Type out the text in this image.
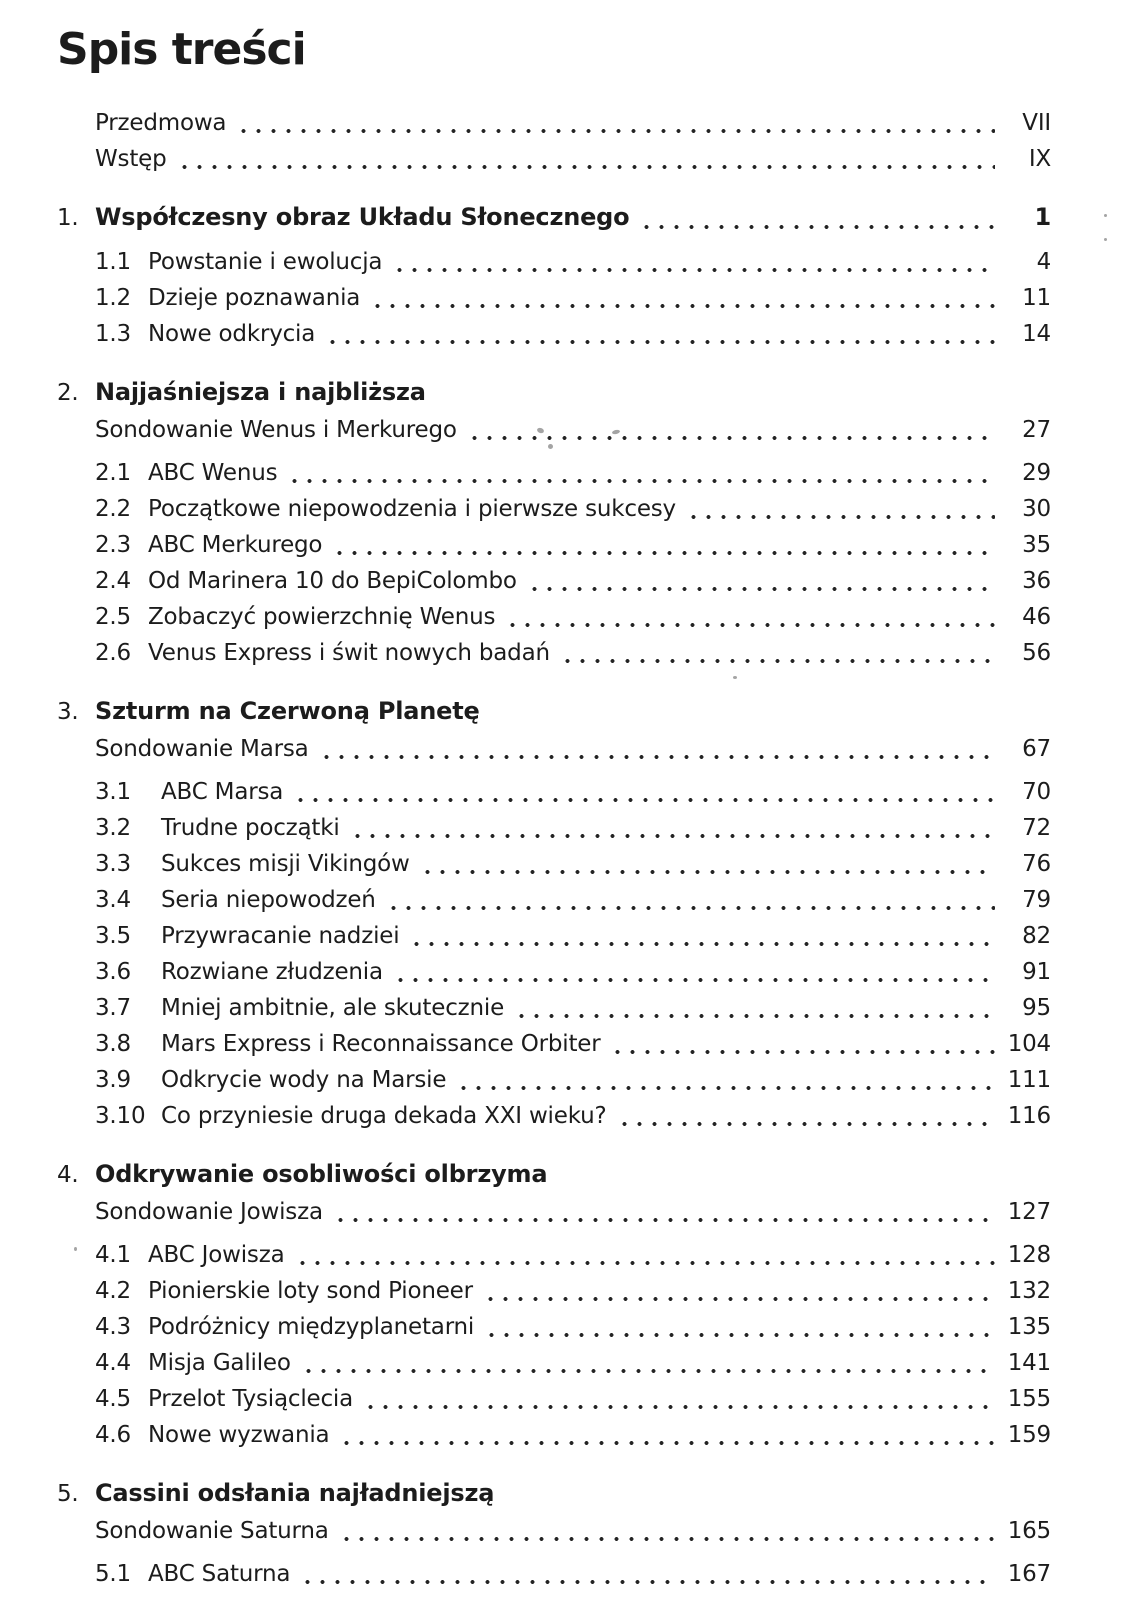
Spis treści
Przedmowa	VII
Wstęp	IX
1. Współczesny obraz Układu Słonecznego	1
1.1 Powstanie i ewolucja	4
1.2 Dzieje poznawania	11
1.3 Nowe odkrycia	14
2. Najjaśniejsza i najbliższa
Sondowanie Wenus i Merkurego	27
2.1 ABC Wenus	29
2.2 Początkowe niepowodzenia i pierwsze sukcesy	30
2.3 ABC Merkurego	35
2.4 Od Marinera 10 do BepiColombo	36
2.5 Zobaczyć powierzchnię Wenus	46
2.6 Venus Express i świt nowych badań	56
3. Szturm na Czerwoną Planetę
Sondowanie Marsa	67
3.1	ABC Marsa	70
3.2	Trudne początki	72
3.3	Sukces misji Vikingów	76
3.4	Seria niepowodzeń	79
3.5	Przywracanie nadziei	82
3.6	Rozwiane złudzenia	91
3.7	Mniej ambitnie, ale skutecznie	95
3.8	Mars Express i Reconnaissance Orbiter	104
3.9	Odkrycie wody na Marsie	111
3.10 Co przyniesie druga dekada XXI wieku?	116
4. Odkrywanie osobliwości olbrzyma
Sondowanie Jowisza	127
4.1 ABC Jowisza	128
4.2 Pionierskie loty sond Pioneer	132
4.3 Podróżnicy międzyplanetarni	135
4.4 Misja Galileo	141
4.5 Przelot Tysiąclecia	155
4.6 Nowe wyzwania	159
5. Cassini odsłania najładniejszą
Sondowanie Saturna	165
5.1 ABC Saturna	167
